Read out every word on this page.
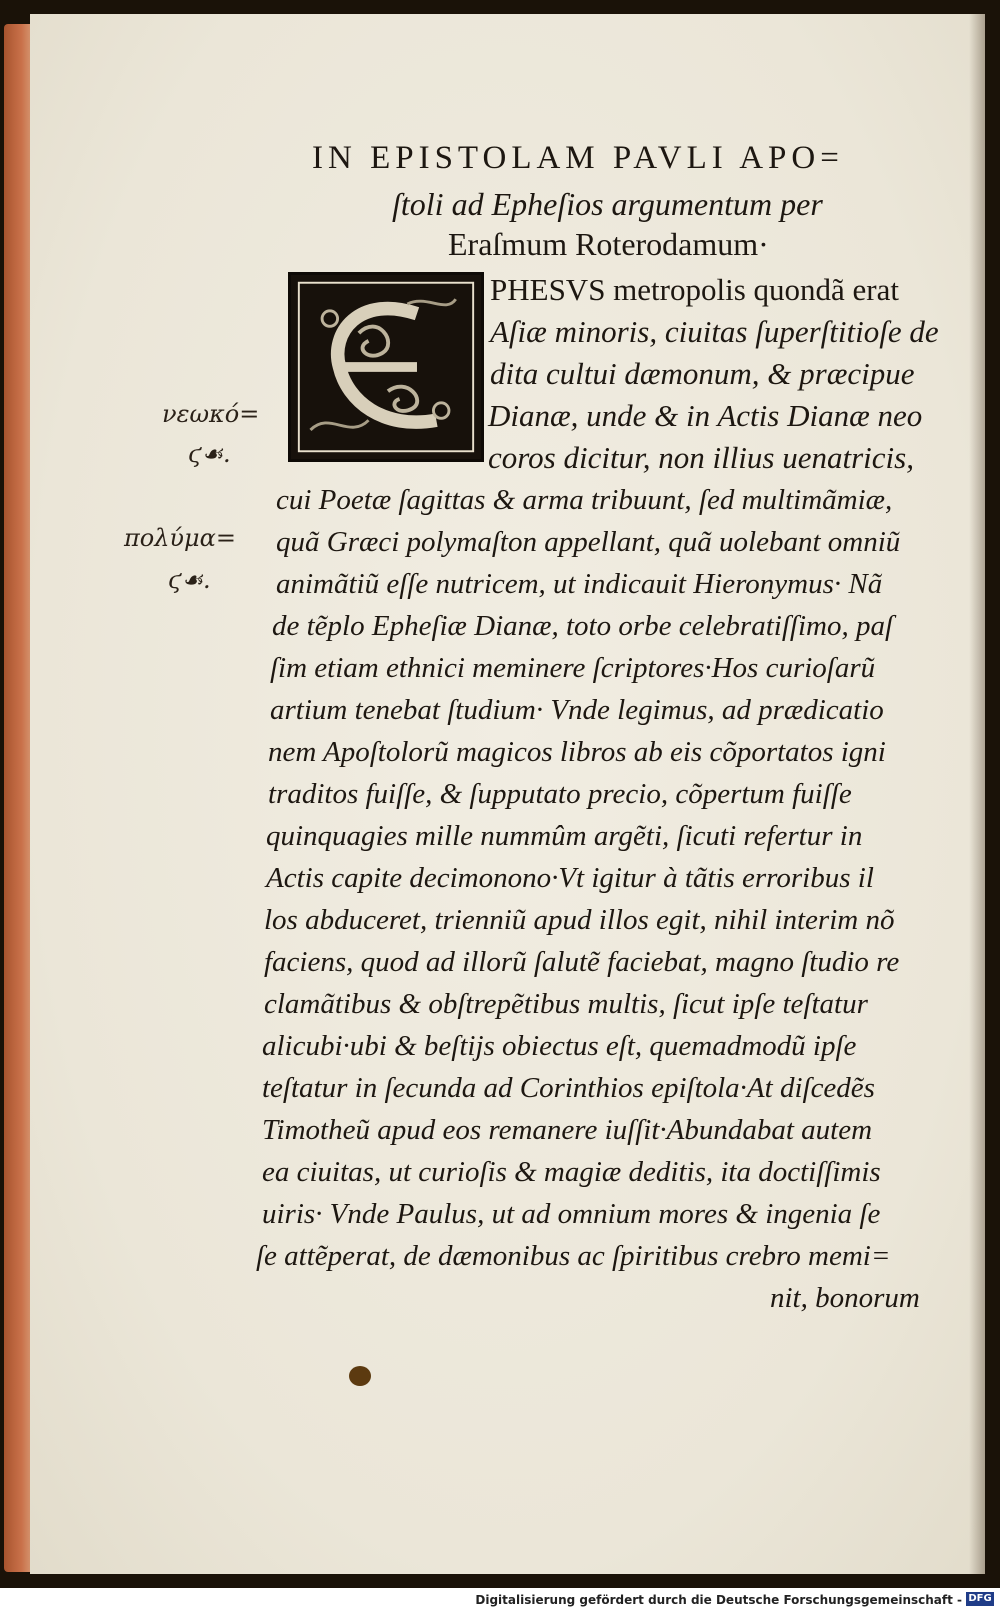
IN EPISTOLAM PAVLI APO=
ſtoli ad Epheſios argumentum per
Eraſmum Roterodamum·
PHESVS metropolis quondã erat
Aſiæ minoris, ciuitas ſuperſtitioſe de
dita cultui dæmonum, & præcipue
Dianæ, unde & in Actis Dianæ neo
coros dicitur, non illius uenatricis,
cui Poetæ ſagittas & arma tribuunt, ſed multimãmiæ,
quã Græci polymaſton appellant, quã uolebant omniũ
animãtiũ eſſe nutricem, ut indicauit Hieronymus· Nã
de tẽplo Epheſiæ Dianæ, toto orbe celebratiſſimo, paſ
ſim etiam ethnici meminere ſcriptores·Hos curioſarũ
artium tenebat ſtudium· Vnde legimus, ad prædicatio
nem Apoſtolorũ magicos libros ab eis cõportatos igni
traditos fuiſſe, & ſupputato precio, cõpertum fuiſſe
quinquagies mille nummûm argẽti, ſicuti refertur in
Actis capite decimonono·Vt igitur à tãtis erroribus il
los abduceret, trienniũ apud illos egit, nihil interim nõ
faciens, quod ad illorũ ſalutẽ faciebat, magno ſtudio re
clamãtibus & obſtrepẽtibus multis, ſicut ipſe teſtatur
alicubi·ubi & beſtijs obiectus eſt, quemadmodũ ipſe
teſtatur in ſecunda ad Corinthios epiſtola·At diſcedẽs
Timotheũ apud eos remanere iuſſit·Abundabat autem
ea ciuitas, ut curioſis & magiæ deditis, ita doctiſſimis
uiris· Vnde Paulus, ut ad omnium mores & ingenia ſe
ſe attẽperat, de dæmonibus ac ſpiritibus crebro memi=
nit, bonorum
νεωκό=
ϛ☙.
πολύμα=
ϛ☙.
Digitalisierung gefördert durch die Deutsche Forschungsgemeinschaft - DFG
